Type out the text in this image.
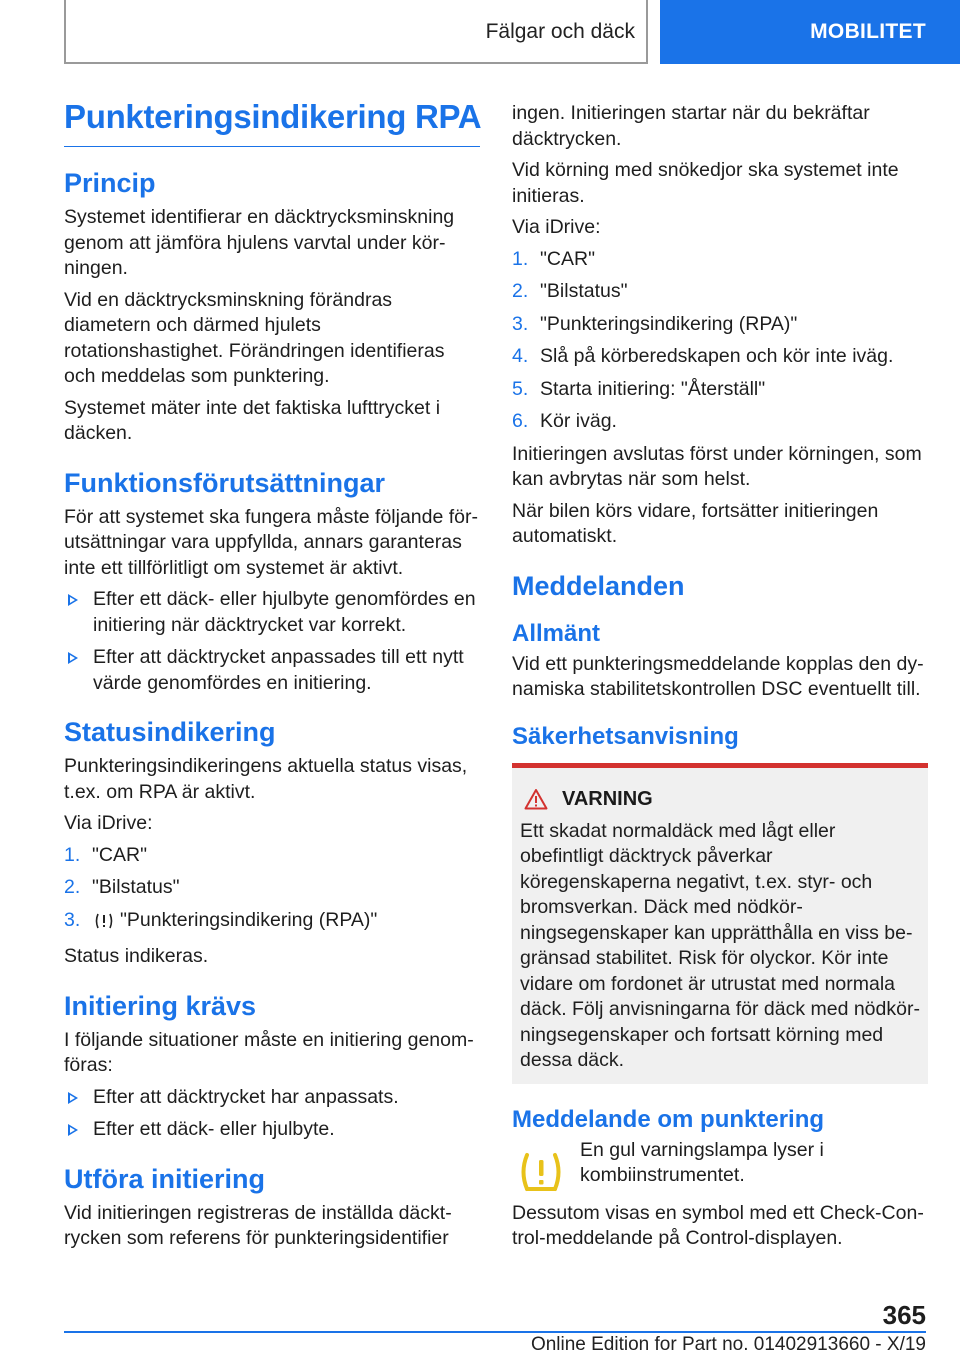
Fälgar och däck	MOBILITET
Punkteringsindikering RPA
Princip

Systemet identifierar en däcktrycksminskning genom att jämföra hjulens varvtal under körningen.

Vid en däcktrycksminskning förändras diametern och därmed hjulets rotationshastighet. Förändringen identifieras och meddelas som punktering.

Systemet mäter inte det faktiska lufttrycket i däcken.

Funktionsförutsättningar

För att systemet ska fungera måste följande förutsättningar vara uppfyllda, annars garanteras inte ett tillförlitligt om systemet är aktivt.

Efter ett däck- eller hjulbyte genomfördes en initiering när däcktrycket var korrekt.
Efter att däcktrycket anpassades till ett nytt värde genomfördes en initiering.
Statusindikering

Punkteringsindikeringens aktuella status visas, t.ex. om RPA är aktivt.

Via iDrive:

1. "CAR"
2. "Bilstatus"
3. "Punkteringsindikering (RPA)"

Status indikeras.

Initiering krävs

I följande situationer måste en initiering genomföras:

Efter att däcktrycket har anpassats.
Efter ett däck- eller hjulbyte.
Utföra initiering

Vid initieringen registreras de inställda däcktrycken som referens för punkteringsidentifier

ingen. Initieringen startar när du bekräftar däcktrycken.

Vid körning med snökedjor ska systemet inte initieras.

Via iDrive:

1. "CAR"
2. "Bilstatus"
3. "Punkteringsindikering (RPA)"
4. Slå på körberedskapen och kör inte iväg.
5. Starta initiering: "Återställ"
6. Kör iväg.

Initieringen avslutas först under körningen, som kan avbrytas när som helst.

När bilen körs vidare, fortsätter initieringen automatiskt.

Meddelanden
Allmänt

Vid ett punkteringsmeddelande kopplas den dynamiska stabilitetskontrollen DSC eventuellt till.

Säkerhetsanvisning
VARNING

Ett skadat normaldäck med lågt eller obefintligt däcktryck påverkar köregenskaperna negativt, t.ex. styr- och bromsverkan. Däck med nödkörningsegenskaper kan upprätthålla en viss begränsad stabilitet. Risk för olyckor. Kör inte vidare om fordonet är utrustat med normala däck. Följ anvisningarna för däck med nödkörningsegenskaper och fortsatt körning med dessa däck.

Meddelande om punktering

En gul varningslampa lyser i kombiinstrumentet.

Dessutom visas en symbol med ett Check-Control-meddelande på Control-displayen.

365
Online Edition for Part no. 01402913660 - X/19
